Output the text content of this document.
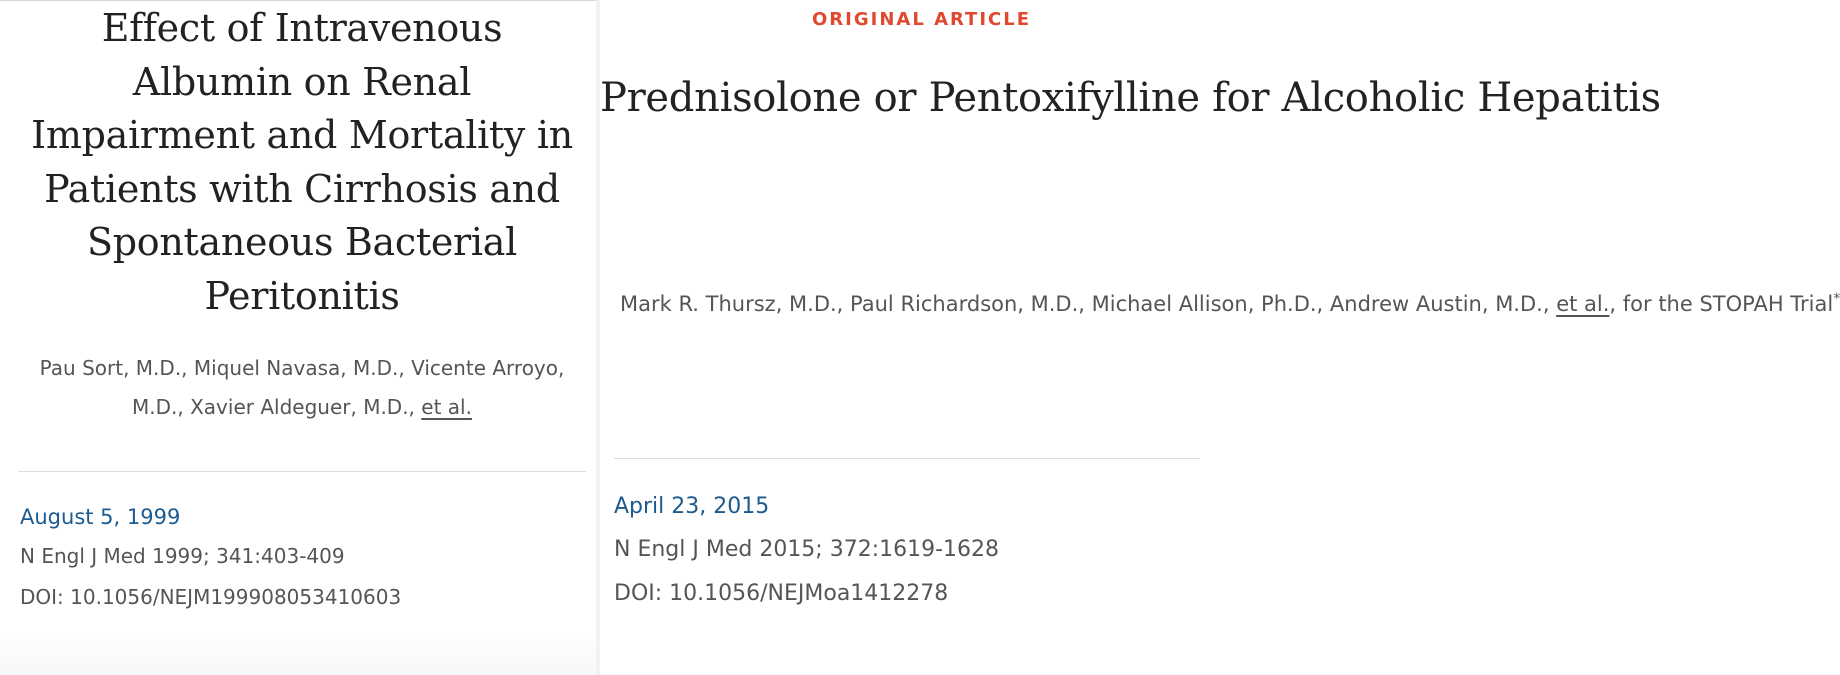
Effect of Intravenous Albumin on Renal Impairment and Mortality in Patients with Cirrhosis and Spontaneous Bacterial Peritonitis

Pau Sort, M.D., Miquel Navasa, M.D., Vicente Arroyo, M.D., Xavier Aldeguer, M.D., et al.

August 5, 1999

N Engl J Med 1999; 341:403-409

DOI: 10.1056/NEJM199908053410603

ORIGINAL ARTICLE
Prednisolone or Pentoxifylline for Alcoholic Hepatitis

Mark R. Thursz, M.D., Paul Richardson, M.D., Michael Allison, Ph.D., Andrew Austin, M.D., et al., for the STOPAH Trial*

April 23, 2015

N Engl J Med 2015; 372:1619-1628

DOI: 10.1056/NEJMoa1412278
